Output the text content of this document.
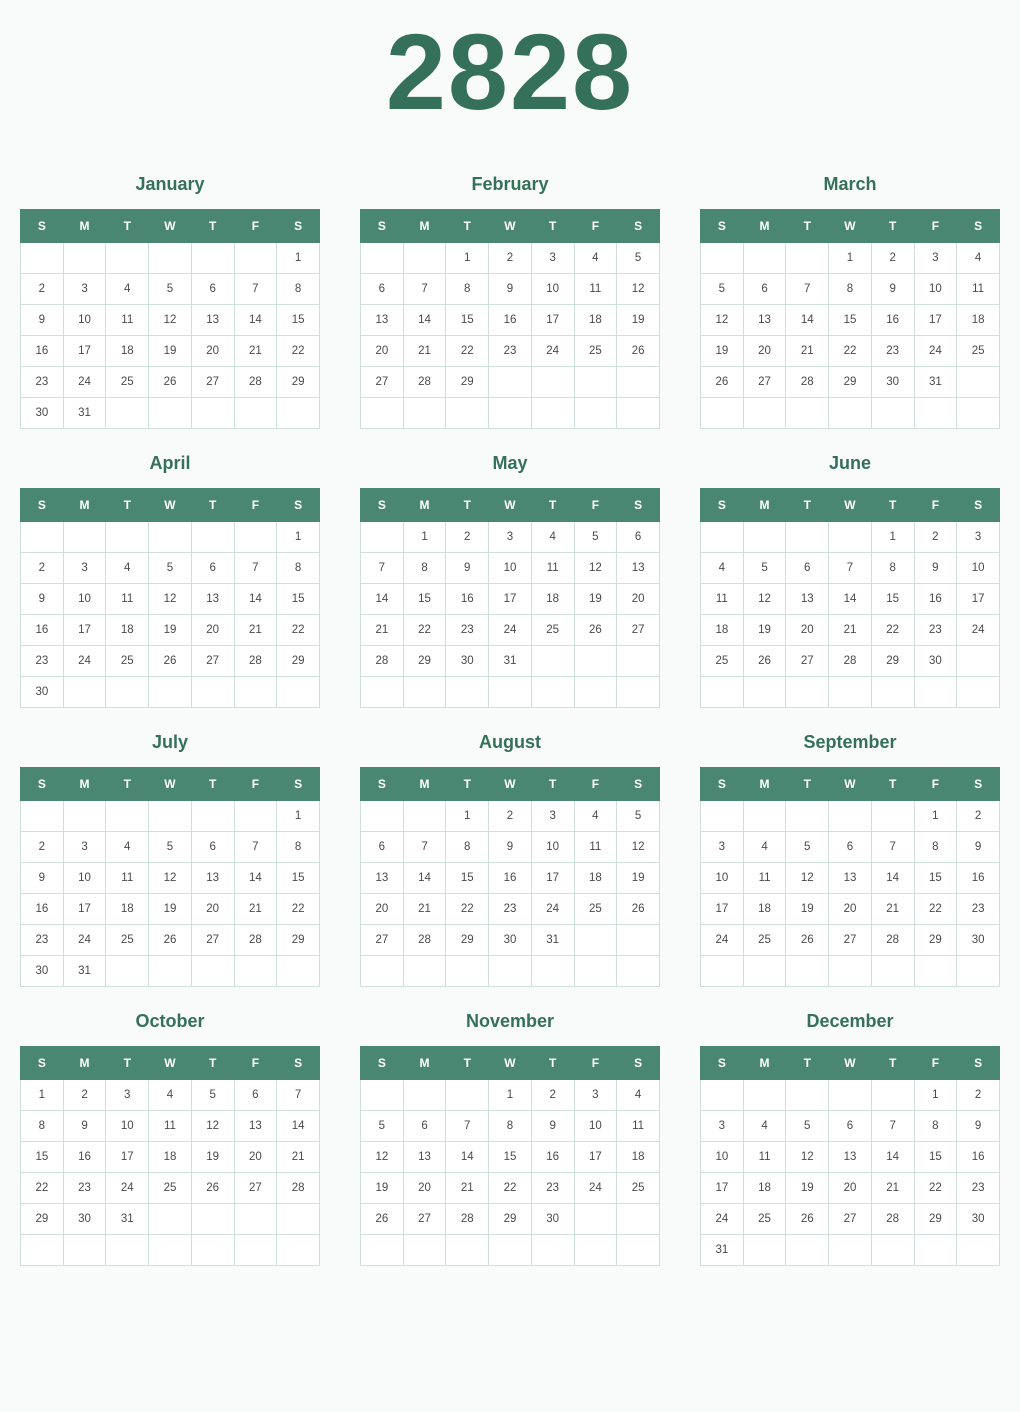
2828
January
S	M	T	W	T	F	S
						1
2	3	4	5	6	7	8
9	10	11	12	13	14	15
16	17	18	19	20	21	22
23	24	25	26	27	28	29
30	31					
February
S	M	T	W	T	F	S
		1	2	3	4	5
6	7	8	9	10	11	12
13	14	15	16	17	18	19
20	21	22	23	24	25	26
27	28	29				

March
S	M	T	W	T	F	S
			1	2	3	4
5	6	7	8	9	10	11
12	13	14	15	16	17	18
19	20	21	22	23	24	25
26	27	28	29	30	31	

April
S	M	T	W	T	F	S
						1
2	3	4	5	6	7	8
9	10	11	12	13	14	15
16	17	18	19	20	21	22
23	24	25	26	27	28	29
30						
May
S	M	T	W	T	F	S
	1	2	3	4	5	6
7	8	9	10	11	12	13
14	15	16	17	18	19	20
21	22	23	24	25	26	27
28	29	30	31			

June
S	M	T	W	T	F	S
				1	2	3
4	5	6	7	8	9	10
11	12	13	14	15	16	17
18	19	20	21	22	23	24
25	26	27	28	29	30	

July
S	M	T	W	T	F	S
						1
2	3	4	5	6	7	8
9	10	11	12	13	14	15
16	17	18	19	20	21	22
23	24	25	26	27	28	29
30	31					
August
S	M	T	W	T	F	S
		1	2	3	4	5
6	7	8	9	10	11	12
13	14	15	16	17	18	19
20	21	22	23	24	25	26
27	28	29	30	31		

September
S	M	T	W	T	F	S
					1	2
3	4	5	6	7	8	9
10	11	12	13	14	15	16
17	18	19	20	21	22	23
24	25	26	27	28	29	30

October
S	M	T	W	T	F	S
1	2	3	4	5	6	7
8	9	10	11	12	13	14
15	16	17	18	19	20	21
22	23	24	25	26	27	28
29	30	31				

November
S	M	T	W	T	F	S
			1	2	3	4
5	6	7	8	9	10	11
12	13	14	15	16	17	18
19	20	21	22	23	24	25
26	27	28	29	30		

December
S	M	T	W	T	F	S
					1	2
3	4	5	6	7	8	9
10	11	12	13	14	15	16
17	18	19	20	21	22	23
24	25	26	27	28	29	30
31						
